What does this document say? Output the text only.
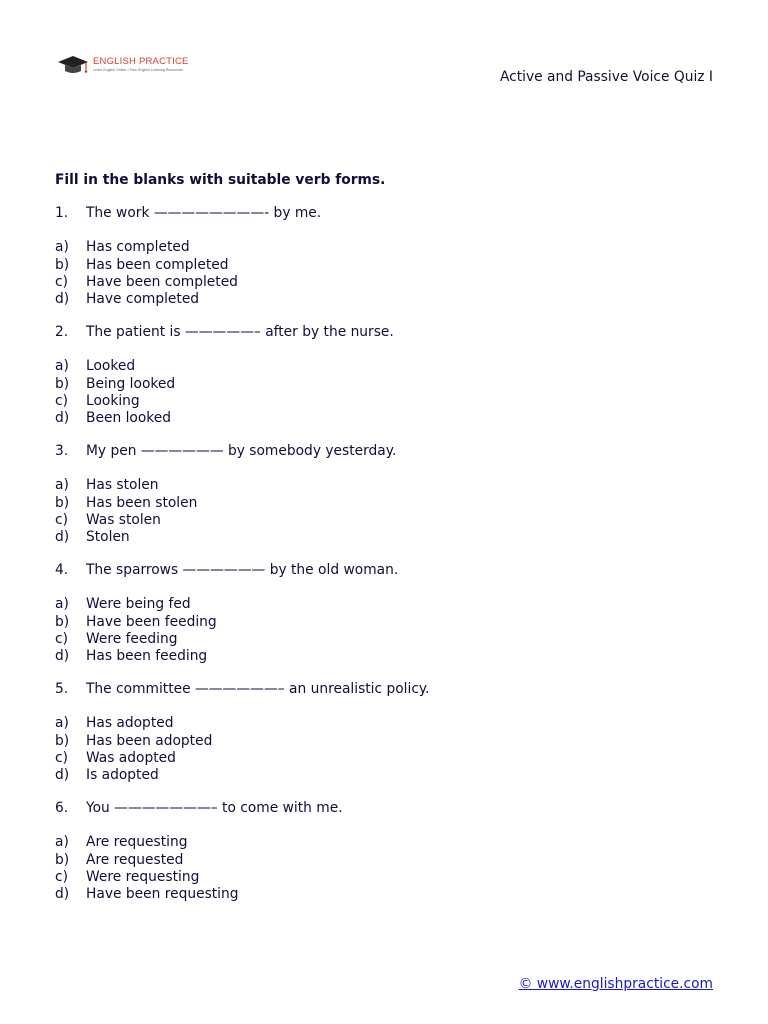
ENGLISH PRACTICE
Learn English Online • Free English Learning Resources	Active and Passive Voice Quiz I
Fill in the blanks with suitable verb forms.
1. The work ————————- by me.
a) Has completed
b) Has been completed
c) Have been completed
d) Have completed
2. The patient is —————– after by the nurse.
a) Looked
b) Being looked
c) Looking
d) Been looked
3. My pen —————— by somebody yesterday.
a) Has stolen
b) Has been stolen
c) Was stolen
d) Stolen
4. The sparrows —————— by the old woman.
a) Were being fed
b) Have been feeding
c) Were feeding
d) Has been feeding
5. The committee ——————– an unrealistic policy.
a) Has adopted
b) Has been adopted
c) Was adopted
d) Is adopted
6. You ———————– to come with me.
a) Are requesting
b) Are requested
c) Were requesting
d) Have been requesting
© www.englishpractice.com
